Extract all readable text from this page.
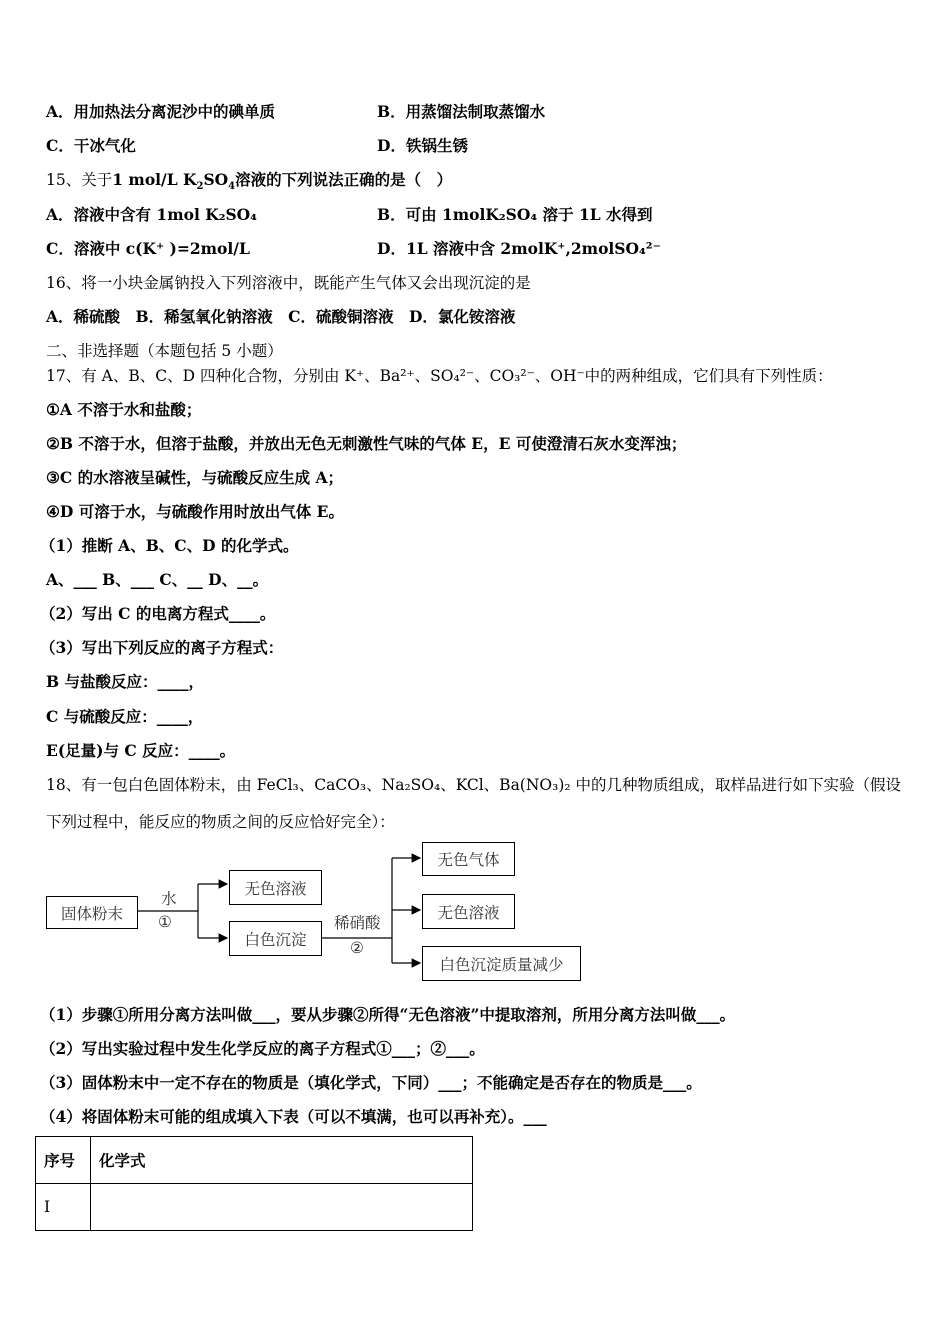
A．用加热法分离泥沙中的碘单质	B．用蒸馏法制取蒸馏水
C．干冰气化	D．铁锅生锈
15、关于1 mol/L $K_2SO_4$溶液的下列说法正确的是（　）
A．溶液中含有 1mol K₂SO₄	B．可由 1molK₂SO₄ 溶于 1L 水得到
C．溶液中 c(K⁺ )=2mol/L	D．1L 溶液中含 2molK⁺,2molSO₄²⁻
16、将一小块金属钠投入下列溶液中，既能产生气体又会出现沉淀的是
A．稀硫酸　B．稀氢氧化钠溶液　C．硫酸铜溶液　D．氯化铵溶液
二、非选择题（本题包括 5 小题）
17、有 A、B、C、D 四种化合物，分别由 K⁺、Ba²⁺、SO₄²⁻、CO₃²⁻、OH⁻中的两种组成，它们具有下列性质：
①A 不溶于水和盐酸；
②B 不溶于水，但溶于盐酸，并放出无色无刺激性气味的气体 E，E 可使澄清石灰水变浑浊；
③C 的水溶液呈碱性，与硫酸反应生成 A；
④D 可溶于水，与硫酸作用时放出气体 E。
（1）推断 A、B、C、D 的化学式。
A、___ B、___ C、__ D、__。
（2）写出 C 的电离方程式____。
（3）写出下列反应的离子方程式：
B 与盐酸反应：____，
C 与硫酸反应：____，
E(足量)与 C 反应：____。
18、有一包白色固体粉末，由 FeCl₃、CaCO₃、Na₂SO₄、KCl、Ba(NO₃)₂ 中的几种物质组成，取样品进行如下实验（假设
下列过程中，能反应的物质之间的反应恰好完全）：
固体粉末
水
①
无色溶液
白色沉淀
稀硝酸
②
无色气体
无色溶液
白色沉淀质量减少
（1）步骤①所用分离方法叫做___，要从步骤②所得“无色溶液”中提取溶剂，所用分离方法叫做___。
（2）写出实验过程中发生化学反应的离子方程式①___；②___。
（3）固体粉末中一定不存在的物质是（填化学式，下同）___；不能确定是否存在的物质是___。
（4）将固体粉末可能的组成填入下表（可以不填满，也可以再补充）。___
序号	化学式
Ⅰ	
